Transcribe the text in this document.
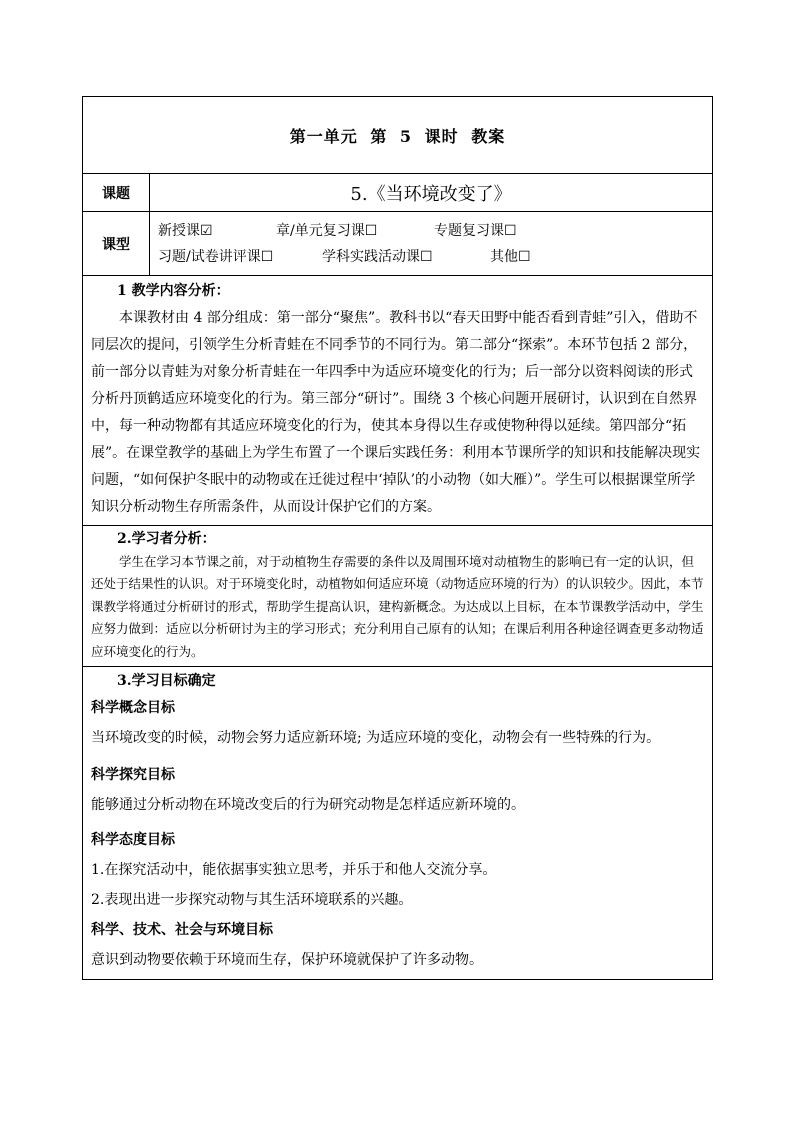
第一单元 第 5 课时 教案
课题	5.《当环境改变了》
课型
新授课☑	章/单元复习课☐	专题复习课☐
习题/试卷讲评课☐	学科实践活动课☐	其他☐
1 教学内容分析：

本课教材由 4 部分组成：第一部分“聚焦”。教科书以“春天田野中能否看到青蛙”引入，借助不同层次的提问，引领学生分析青蛙在不同季节的不同行为。第二部分“探索”。本环节包括 2 部分，前一部分以青蛙为对象分析青蛙在一年四季中为适应环境变化的行为；后一部分以资料阅读的形式分析丹顶鹤适应环境变化的行为。第三部分“研讨”。围绕 3 个核心问题开展研讨，认识到在自然界中，每一种动物都有其适应环境变化的行为，使其本身得以生存或使物种得以延续。第四部分“拓展”。在课堂教学的基础上为学生布置了一个课后实践任务：利用本节课所学的知识和技能解决现实问题，“如何保护冬眠中的动物或在迁徙过程中‘掉队’的小动物（如大雁）”。学生可以根据课堂所学知识分析动物生存所需条件，从而设计保护它们的方案。

2.学习者分析：

学生在学习本节课之前，对于动植物生存需要的条件以及周围环境对动植物生的影响已有一定的认识，但还处于结果性的认识。对于环境变化时，动植物如何适应环境（动物适应环境的行为）的认识较少。因此，本节课教学将通过分析研讨的形式，帮助学生提高认识，建构新概念。为达成以上目标，在本节课教学活动中，学生应努力做到：适应以分析研讨为主的学习形式；充分利用自己原有的认知；在课后利用各种途径调查更多动物适应环境变化的行为。

3.学习目标确定
科学概念目标

当环境改变的时候，动物会努力适应新环境; 为适应环境的变化，动物会有一些特殊的行为。

科学探究目标

能够通过分析动物在环境改变后的行为研究动物是怎样适应新环境的。

科学态度目标

1.在探究活动中，能依据事实独立思考，并乐于和他人交流分享。

2.表现出进一步探究动物与其生活环境联系的兴趣。

科学、技术、社会与环境目标

意识到动物要依赖于环境而生存，保护环境就保护了许多动物。
